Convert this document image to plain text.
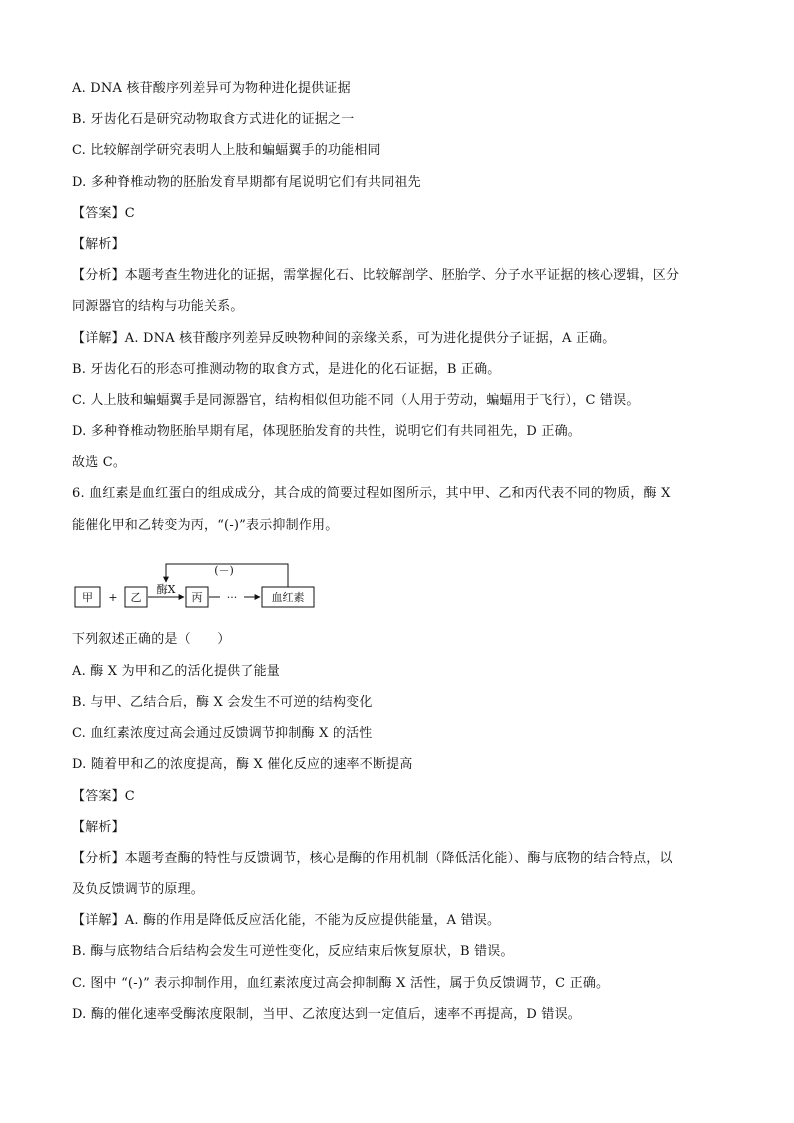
A. DNA 核苷酸序列差异可为物种进化提供证据
B. 牙齿化石是研究动物取食方式进化的证据之一
C. 比较解剖学研究表明人上肢和蝙蝠翼手的功能相同
D. 多种脊椎动物的胚胎发育早期都有尾说明它们有共同祖先
【答案】C
【解析】
【分析】本题考查生物进化的证据，需掌握化石、比较解剖学、胚胎学、分子水平证据的核心逻辑，区分
同源器官的结构与功能关系。
【详解】A. DNA 核苷酸序列差异反映物种间的亲缘关系，可为进化提供分子证据，A 正确。
B. 牙齿化石的形态可推测动物的取食方式，是进化的化石证据，B 正确。
C. 人上肢和蝙蝠翼手是同源器官，结构相似但功能不同（人用于劳动，蝙蝠用于飞行），C 错误。
D. 多种脊椎动物胚胎早期有尾，体现胚胎发育的共性，说明它们有共同祖先，D 正确。
故选 C。
6. 血红素是血红蛋白的组成成分，其合成的简要过程如图所示，其中甲、乙和丙代表不同的物质，酶 X
能催化甲和乙转变为丙，“(-)”表示抑制作用。
甲 + 乙
酶X
丙 ···	血红素
(－)
下列叙述正确的是（　　）
A. 酶 X 为甲和乙的活化提供了能量
B. 与甲、乙结合后，酶 X 会发生不可逆的结构变化
C. 血红素浓度过高会通过反馈调节抑制酶 X 的活性
D. 随着甲和乙的浓度提高，酶 X 催化反应的速率不断提高
【答案】C
【解析】
【分析】本题考查酶的特性与反馈调节，核心是酶的作用机制（降低活化能）、酶与底物的结合特点，以
及负反馈调节的原理。
【详解】A. 酶的作用是降低反应活化能，不能为反应提供能量，A 错误。
B. 酶与底物结合后结构会发生可逆性变化，反应结束后恢复原状，B 错误。
C. 图中 “(-)” 表示抑制作用，血红素浓度过高会抑制酶 X 活性，属于负反馈调节，C 正确。
D. 酶的催化速率受酶浓度限制，当甲、乙浓度达到一定值后，速率不再提高，D 错误。
